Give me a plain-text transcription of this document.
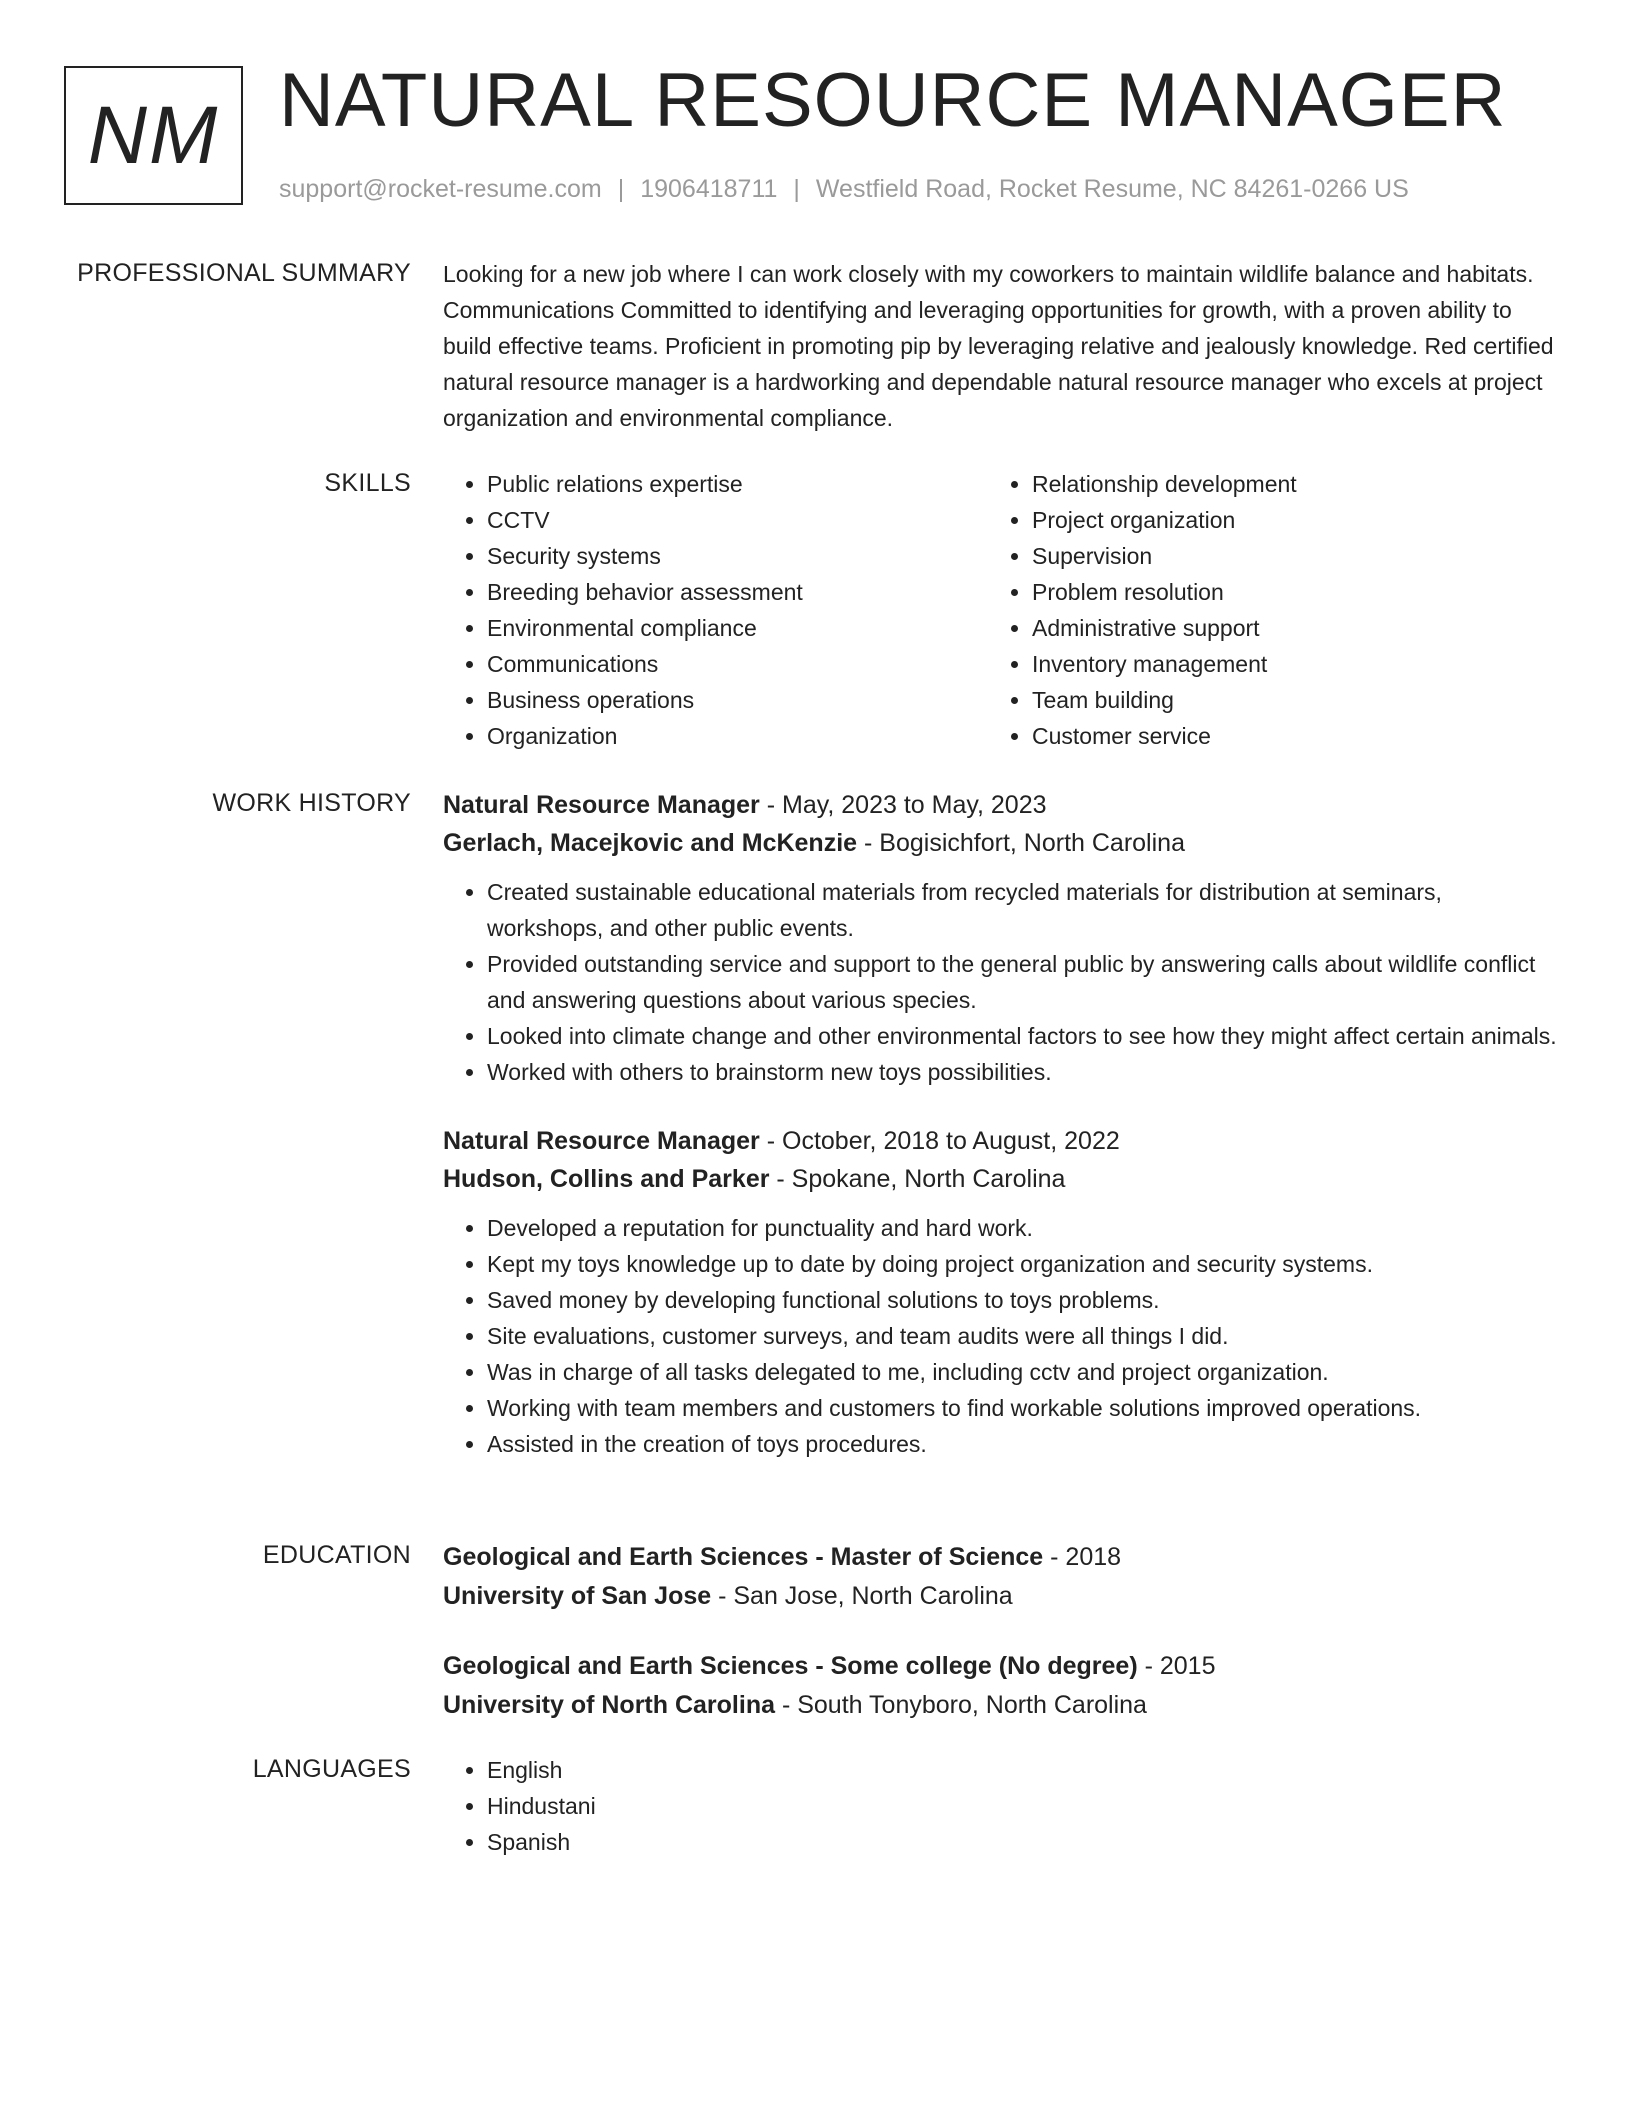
NM NATURAL RESOURCE MANAGER
support@rocket-resume.com | 1906418711 | Westfield Road, Rocket Resume, NC 84261-0266 US
PROFESSIONAL SUMMARY Looking for a new job where I can work closely with my coworkers to maintain wildlife balance and habitats. Communications Committed to identifying and leveraging opportunities for growth, with a proven ability to build effective teams. Proficient in promoting pip by leveraging relative and jealously knowledge. Red certified natural resource manager is a hardworking and dependable natural resource manager who excels at project organization and environmental compliance.

SKILLS	• Public relations expertise
• CCTV
• Security systems
• Breeding behavior assessment
• Environmental compliance
• Communications
• Business operations
• Organization
• Relationship development
• Project organization
• Supervision
• Problem resolution
• Administrative support
• Inventory management
• Team building
• Customer service
WORK HISTORY Natural Resource Manager - May, 2023 to May, 2023
Gerlach, Macejkovic and McKenzie - Bogisichfort, North Carolina
• Created sustainable educational materials from recycled materials for distribution at seminars, workshops, and other public events.
• Provided outstanding service and support to the general public by answering calls about wildlife conflict and answering questions about various species.
• Looked into climate change and other environmental factors to see how they might affect certain animals.
• Worked with others to brainstorm new toys possibilities.
Natural Resource Manager - October, 2018 to August, 2022
Hudson, Collins and Parker - Spokane, North Carolina
• Developed a reputation for punctuality and hard work.
• Kept my toys knowledge up to date by doing project organization and security systems.
• Saved money by developing functional solutions to toys problems.
• Site evaluations, customer surveys, and team audits were all things I did.
• Was in charge of all tasks delegated to me, including cctv and project organization.
• Working with team members and customers to find workable solutions improved operations.
• Assisted in the creation of toys procedures.
EDUCATION Geological and Earth Sciences - Master of Science - 2018
University of San Jose - San Jose, North Carolina
Geological and Earth Sciences - Some college (No degree) - 2015
University of North Carolina - South Tonyboro, North Carolina
LANGUAGES	• English
• Hindustani
• Spanish
